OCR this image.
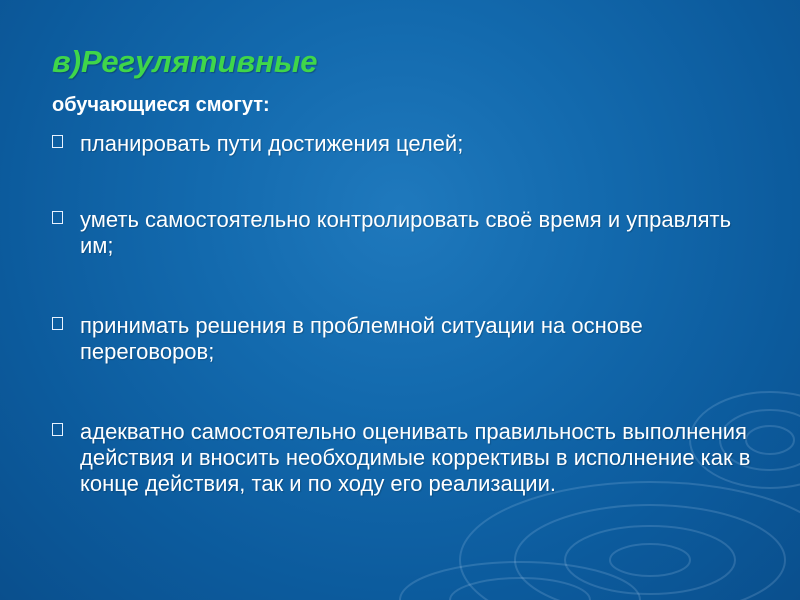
в)Регулятивные

обучающиеся смогут:

планировать пути достижения целей;
уметь самостоятельно контролировать своё время и управлять им;
принимать решения в проблемной ситуации на основе переговоров;
адекватно самостоятельно оценивать правильность выполнения действия и вносить необходимые коррективы в исполнение как в конце действия, так и по ходу его реализации.
